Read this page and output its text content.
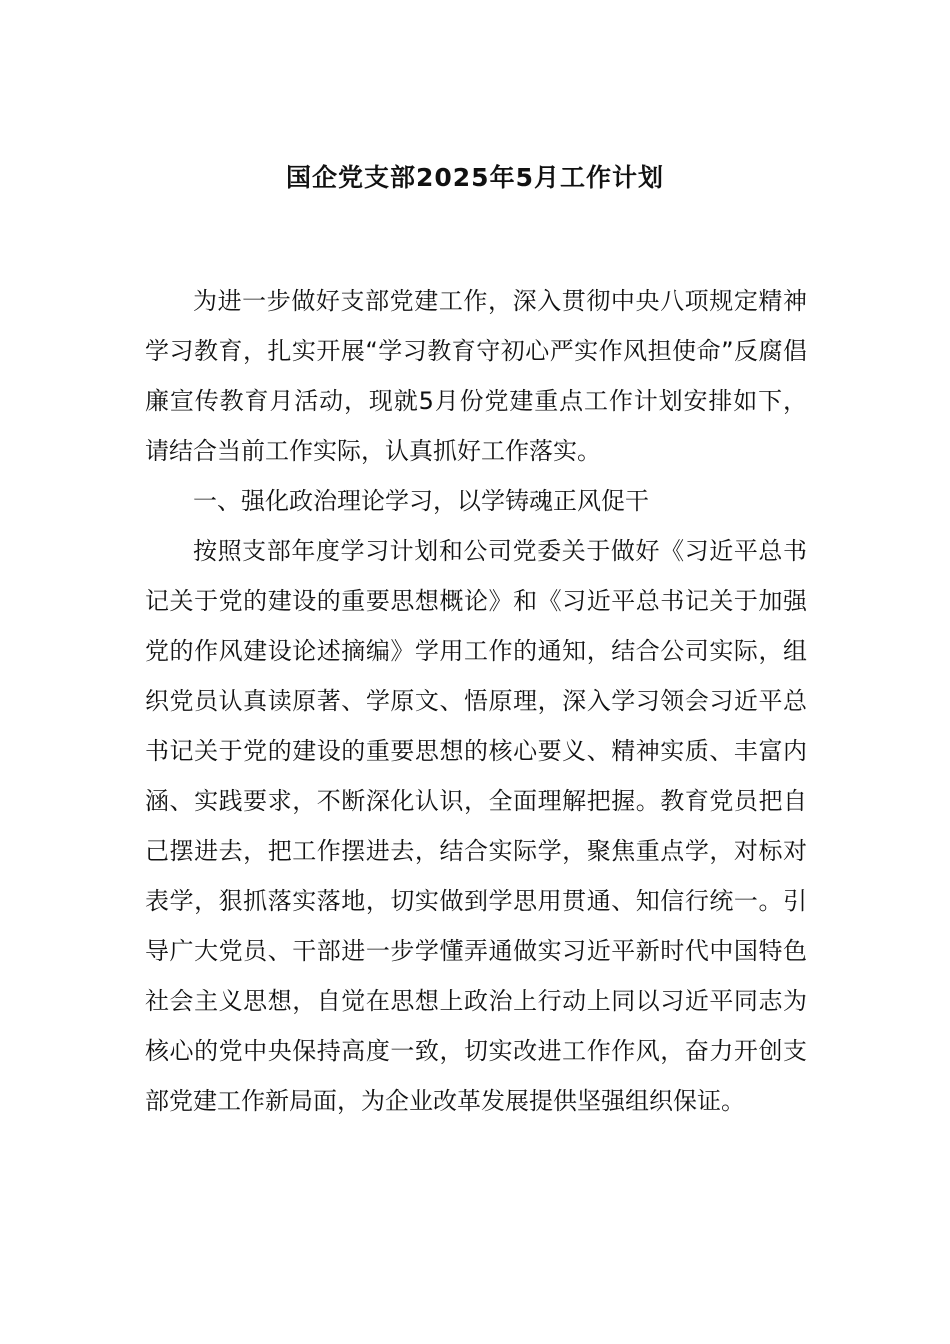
国企党支部2025年5月工作计划

为进一步做好支部党建工作，深入贯彻中央八项规定精神学习教育，扎实开展“学习教育守初心严实作风担使命”反腐倡廉宣传教育月活动，现就5月份党建重点工作计划安排如下，请结合当前工作实际，认真抓好工作落实。

一、强化政治理论学习，以学铸魂正风促干

按照支部年度学习计划和公司党委关于做好《习近平总书记关于党的建设的重要思想概论》和《习近平总书记关于加强党的作风建设论述摘编》学用工作的通知，结合公司实际，组织党员认真读原著、学原文、悟原理，深入学习领会习近平总书记关于党的建设的重要思想的核心要义、精神实质、丰富内涵、实践要求，不断深化认识，全面理解把握。教育党员把自己摆进去，把工作摆进去，结合实际学，聚焦重点学，对标对表学，狠抓落实落地，切实做到学思用贯通、知信行统一。引导广大党员、干部进一步学懂弄通做实习近平新时代中国特色社会主义思想，自觉在思想上政治上行动上同以习近平同志为核心的党中央保持高度一致，切实改进工作作风，奋力开创支部党建工作新局面，为企业改革发展提供坚强组织保证。
